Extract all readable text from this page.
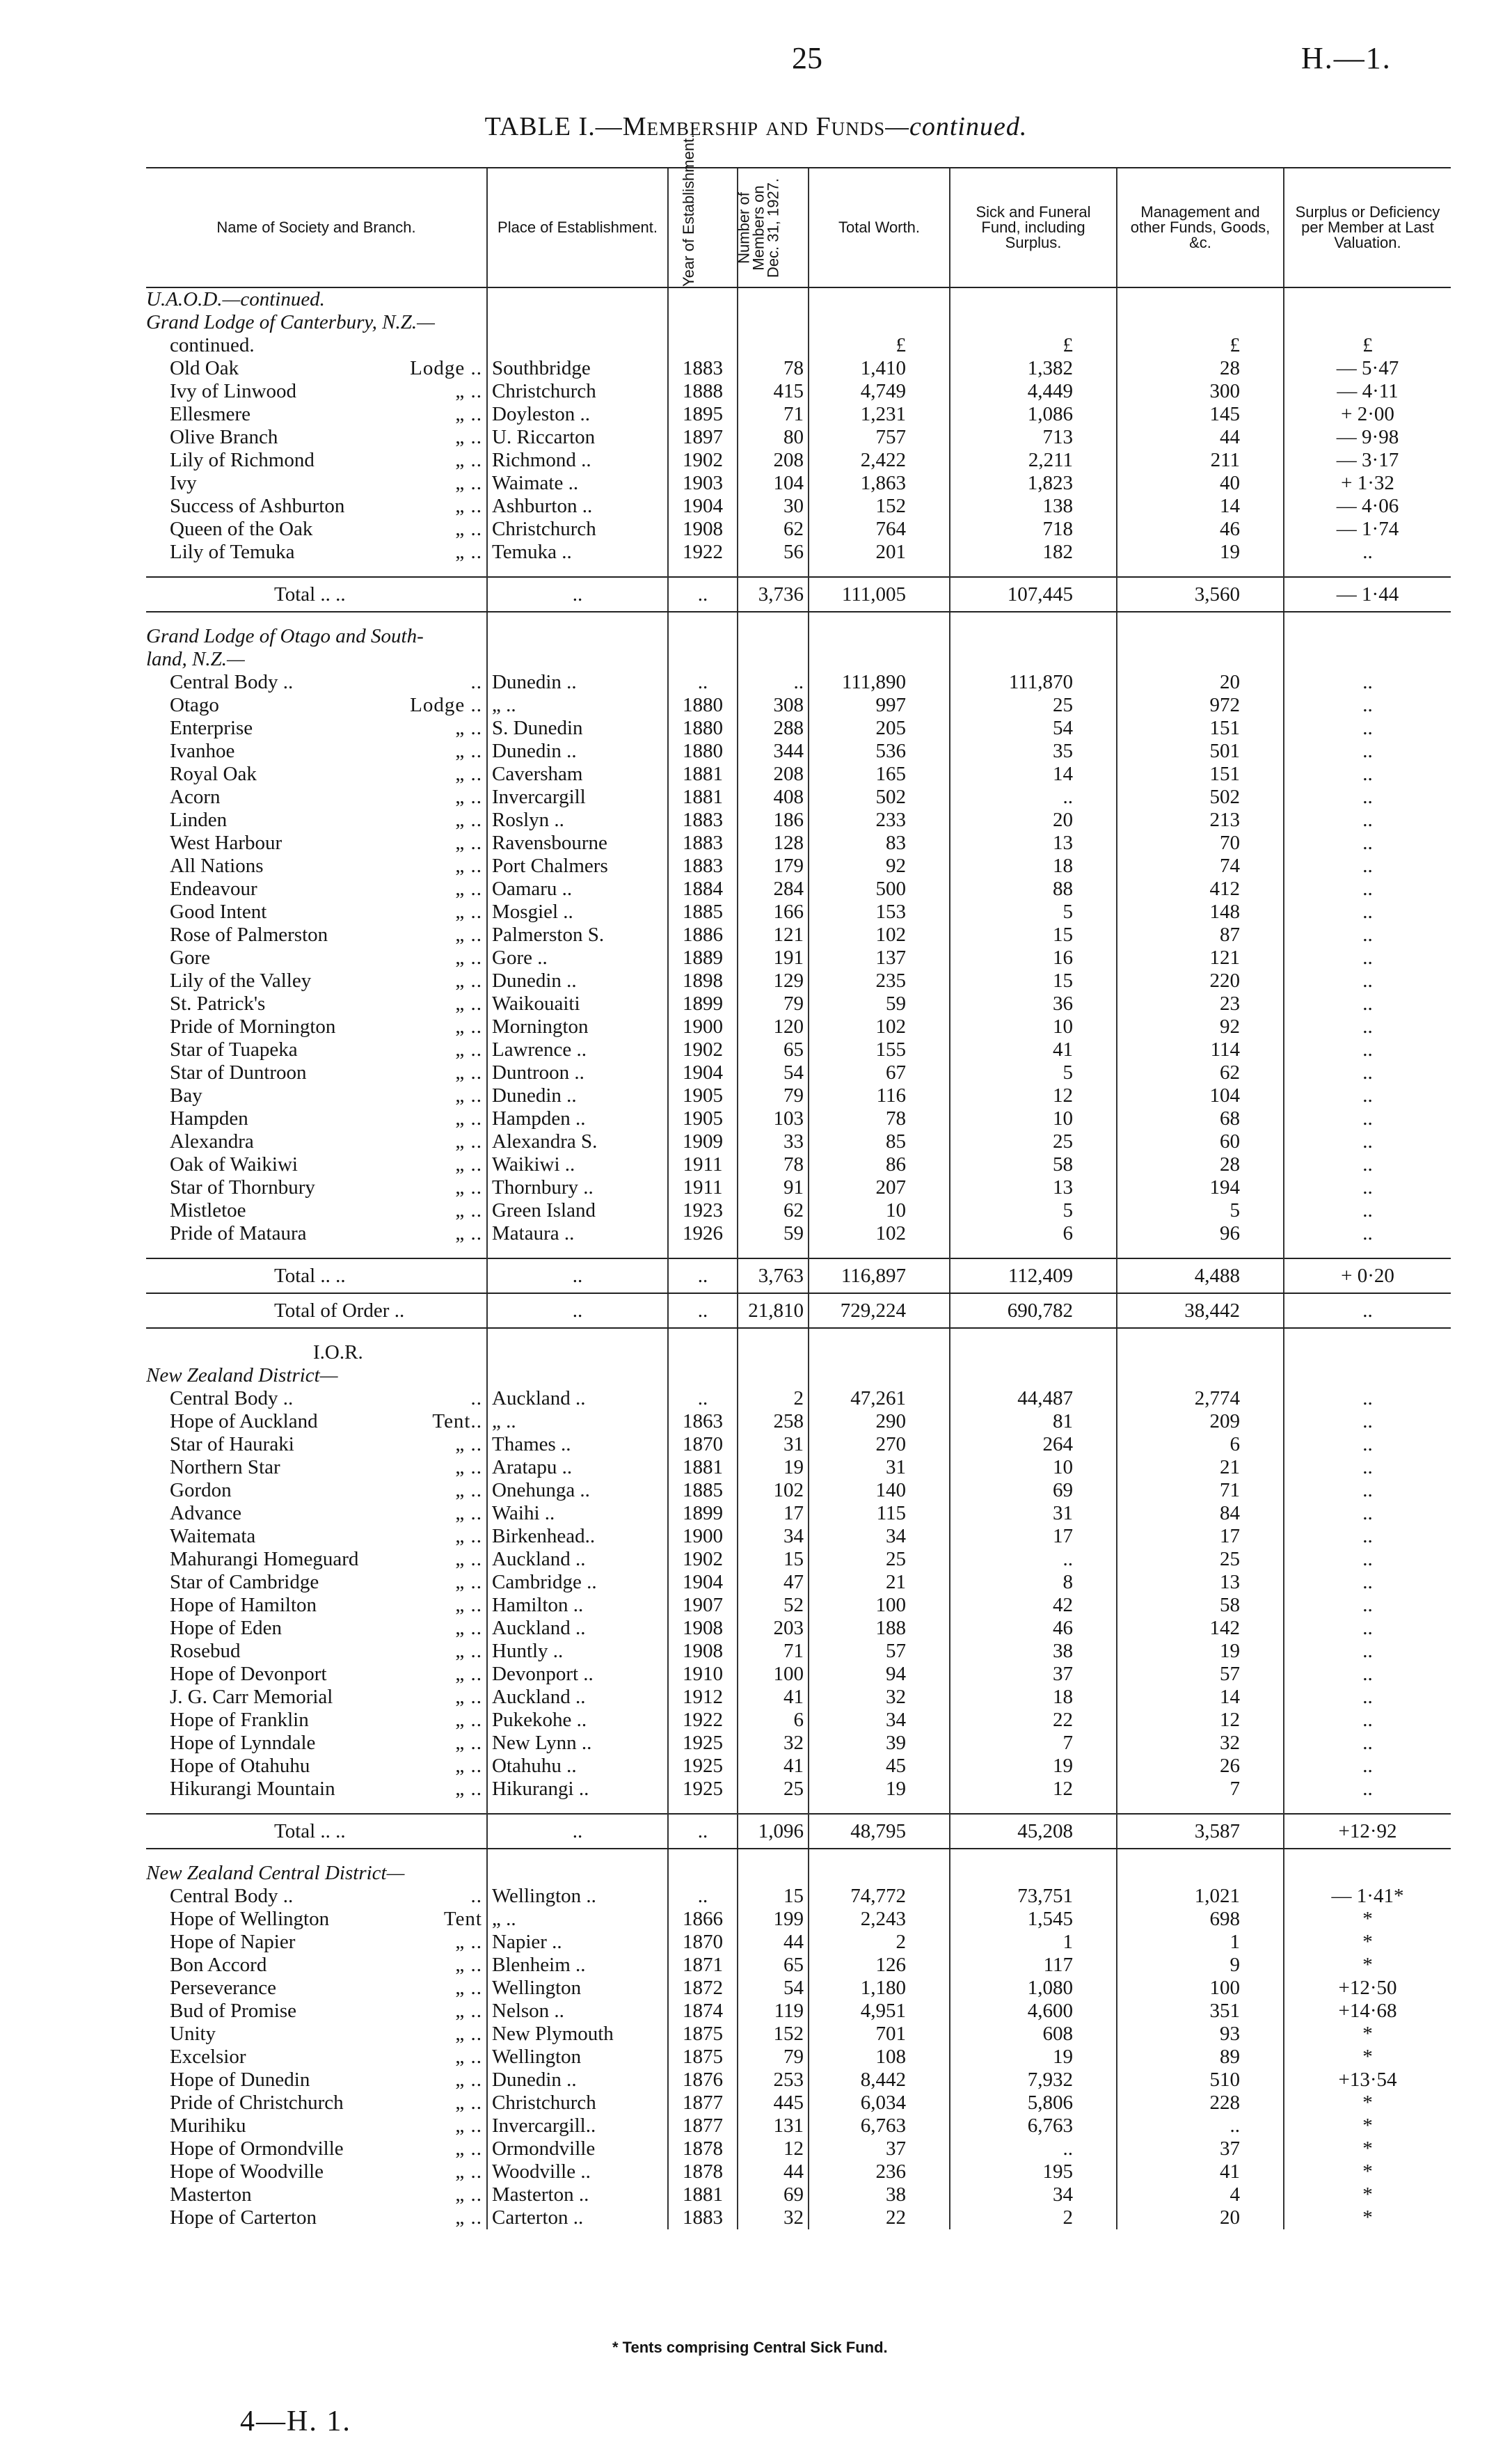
25	H.—1.
TABLE I.—Membership and Funds—continued.
Name of Society and Branch.	Place of Establishment.	Year of Establishment.	Number of Members on Dec. 31, 1927.	Total Worth.	Sick and Funeral Fund, including Surplus.	Management and other Funds, Goods, &c.	Surplus or Deficiency per Member at Last Valuation.
U.A.O.D.—continued.							
Grand Lodge of Canterbury, N.Z.—							
continued.				£	£	£	£
Old Oak Lodge ..	Southbridge	1883	78	1,410	1,382	28	— 5·47
Ivy of Linwood „ ..	Christchurch	1888	415	4,749	4,449	300	— 4·11
Ellesmere „ ..	Doyleston ..	1895	71	1,231	1,086	145	+ 2·00
Olive Branch „ ..	U. Riccarton	1897	80	757	713	44	— 9·98
Lily of Richmond „ ..	Richmond ..	1902	208	2,422	2,211	211	— 3·17
Ivy „ ..	Waimate ..	1903	104	1,863	1,823	40	+ 1·32
Success of Ashburton „ ..	Ashburton ..	1904	30	152	138	14	— 4·06
Queen of the Oak „ ..	Christchurch	1908	62	764	718	46	— 1·74
Lily of Temuka „ ..	Temuka ..	1922	56	201	182	19	..

Total .. ..	..	..	3,736	111,005	107,445	3,560	— 1·44

Grand Lodge of Otago and South-							
land, N.Z.—							
Central Body .. ..	Dunedin ..	..	..	111,890	111,870	20	..
Otago Lodge ..	„ ..	1880	308	997	25	972	..
Enterprise „ ..	S. Dunedin	1880	288	205	54	151	..
Ivanhoe „ ..	Dunedin ..	1880	344	536	35	501	..
Royal Oak „ ..	Caversham	1881	208	165	14	151	..
Acorn „ ..	Invercargill	1881	408	502	..	502	..
Linden „ ..	Roslyn ..	1883	186	233	20	213	..
West Harbour „ ..	Ravensbourne	1883	128	83	13	70	..
All Nations „ ..	Port Chalmers	1883	179	92	18	74	..
Endeavour „ ..	Oamaru ..	1884	284	500	88	412	..
Good Intent „ ..	Mosgiel ..	1885	166	153	5	148	..
Rose of Palmerston „ ..	Palmerston S.	1886	121	102	15	87	..
Gore „ ..	Gore ..	1889	191	137	16	121	..
Lily of the Valley „ ..	Dunedin ..	1898	129	235	15	220	..
St. Patrick's „ ..	Waikouaiti	1899	79	59	36	23	..
Pride of Mornington „ ..	Mornington	1900	120	102	10	92	..
Star of Tuapeka „ ..	Lawrence ..	1902	65	155	41	114	..
Star of Duntroon „ ..	Duntroon ..	1904	54	67	5	62	..
Bay „ ..	Dunedin ..	1905	79	116	12	104	..
Hampden „ ..	Hampden ..	1905	103	78	10	68	..
Alexandra „ ..	Alexandra S.	1909	33	85	25	60	..
Oak of Waikiwi „ ..	Waikiwi ..	1911	78	86	58	28	..
Star of Thornbury „ ..	Thornbury ..	1911	91	207	13	194	..
Mistletoe „ ..	Green Island	1923	62	10	5	5	..
Pride of Mataura „ ..	Mataura ..	1926	59	102	6	96	..

Total .. ..	..	..	3,763	116,897	112,409	4,488	+ 0·20
Total of Order ..	..	..	21,810	729,224	690,782	38,442	..

I.O.R.							
New Zealand District—							
Central Body .. ..	Auckland ..	..	2	47,261	44,487	2,774	..
Hope of Auckland Tent..	„ ..	1863	258	290	81	209	..
Star of Hauraki „ ..	Thames ..	1870	31	270	264	6	..
Northern Star „ ..	Aratapu ..	1881	19	31	10	21	..
Gordon „ ..	Onehunga ..	1885	102	140	69	71	..
Advance „ ..	Waihi ..	1899	17	115	31	84	..
Waitemata „ ..	Birkenhead..	1900	34	34	17	17	..
Mahurangi Homeguard „ ..	Auckland ..	1902	15	25	..	25	..
Star of Cambridge „ ..	Cambridge ..	1904	47	21	8	13	..
Hope of Hamilton „ ..	Hamilton ..	1907	52	100	42	58	..
Hope of Eden „ ..	Auckland ..	1908	203	188	46	142	..
Rosebud „ ..	Huntly ..	1908	71	57	38	19	..
Hope of Devonport „ ..	Devonport ..	1910	100	94	37	57	..
J. G. Carr Memorial „ ..	Auckland ..	1912	41	32	18	14	..
Hope of Franklin „ ..	Pukekohe ..	1922	6	34	22	12	..
Hope of Lynndale „ ..	New Lynn ..	1925	32	39	7	32	..
Hope of Otahuhu „ ..	Otahuhu ..	1925	41	45	19	26	..
Hikurangi Mountain „ ..	Hikurangi ..	1925	25	19	12	7	..

Total .. ..	..	..	1,096	48,795	45,208	3,587	+12·92

New Zealand Central District—							
Central Body .. ..	Wellington ..	..	15	74,772	73,751	1,021	— 1·41*
Hope of Wellington Tent	„ ..	1866	199	2,243	1,545	698	*
Hope of Napier „ ..	Napier ..	1870	44	2	1	1	*
Bon Accord „ ..	Blenheim ..	1871	65	126	117	9	*
Perseverance „ ..	Wellington	1872	54	1,180	1,080	100	+12·50
Bud of Promise „ ..	Nelson ..	1874	119	4,951	4,600	351	+14·68
Unity „ ..	New Plymouth	1875	152	701	608	93	*
Excelsior „ ..	Wellington	1875	79	108	19	89	*
Hope of Dunedin „ ..	Dunedin ..	1876	253	8,442	7,932	510	+13·54
Pride of Christchurch „ ..	Christchurch	1877	445	6,034	5,806	228	*
Murihiku „ ..	Invercargill..	1877	131	6,763	6,763	..	*
Hope of Ormondville „ ..	Ormondville	1878	12	37	..	37	*
Hope of Woodville „ ..	Woodville ..	1878	44	236	195	41	*
Masterton „ ..	Masterton ..	1881	69	38	34	4	*
Hope of Carterton „ ..	Carterton ..	1883	32	22	2	20	*
* Tents comprising Central Sick Fund.
4—H. 1.
